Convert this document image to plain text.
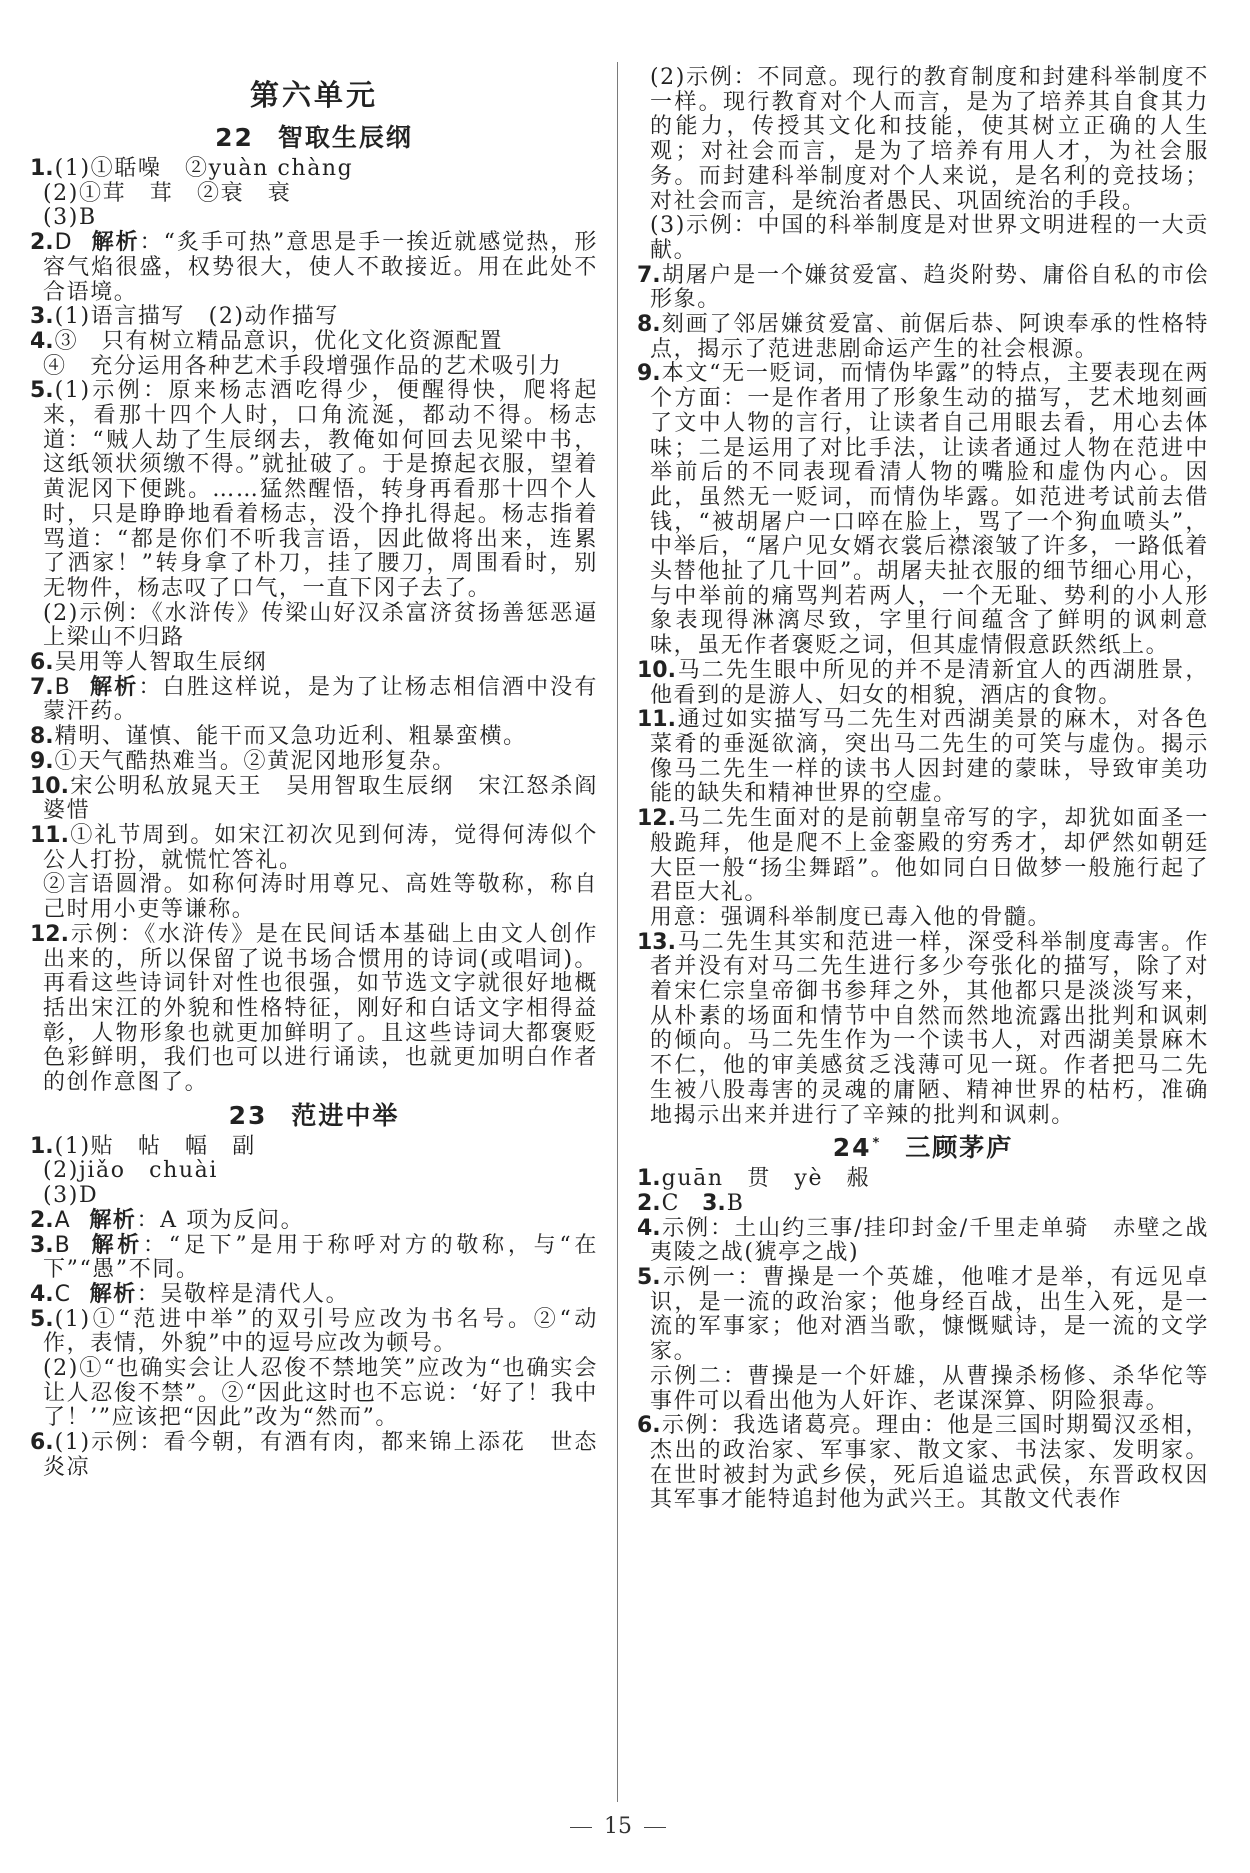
第六单元
22 智取生辰纲
1.(1)①聒噪　②yuàn chàng
(2)①茸　茸　②衰　衰
(3)B
2.D 解析：“炙手可热”意思是手一挨近就感觉热，形容气焰很盛，权势很大，使人不敢接近。用在此处不合语境。
3.(1)语言描写　(2)动作描写
4.③　只有树立精品意识，优化文化资源配置
④　充分运用各种艺术手段增强作品的艺术吸引力
5.(1)示例：原来杨志酒吃得少，便醒得快，爬将起来，看那十四个人时，口角流涎，都动不得。杨志道：“贼人劫了生辰纲去，教俺如何回去见梁中书，这纸领状须缴不得。”就扯破了。于是撩起衣服，望着黄泥冈下便跳。……猛然醒悟，转身再看那十四个人时，只是睁睁地看着杨志，没个挣扎得起。杨志指着骂道：“都是你们不听我言语，因此做将出来，连累了洒家！”转身拿了朴刀，挂了腰刀，周围看时，别无物件，杨志叹了口气，一直下冈子去了。
(2)示例：《水浒传》传梁山好汉杀富济贫扬善惩恶逼上梁山不归路
6.吴用等人智取生辰纲
7.B 解析：白胜这样说，是为了让杨志相信酒中没有蒙汗药。
8.精明、谨慎、能干而又急功近利、粗暴蛮横。
9.①天气酷热难当。②黄泥冈地形复杂。
10.宋公明私放晁天王　吴用智取生辰纲　宋江怒杀阎婆惜
11.①礼节周到。如宋江初次见到何涛，觉得何涛似个公人打扮，就慌忙答礼。
②言语圆滑。如称何涛时用尊兄、高姓等敬称，称自己时用小吏等谦称。
12.示例：《水浒传》是在民间话本基础上由文人创作出来的，所以保留了说书场合惯用的诗词(或唱词)。再看这些诗词针对性也很强，如节选文字就很好地概括出宋江的外貌和性格特征，刚好和白话文字相得益彰，人物形象也就更加鲜明了。且这些诗词大都褒贬色彩鲜明，我们也可以进行诵读，也就更加明白作者的创作意图了。
23 范进中举
1.(1)贴　帖　幅　副
(2)jiǎo　chuài
(3)D
2.A 解析：A 项为反问。
3.B 解析：“足下”是用于称呼对方的敬称，与“在下”“愚”不同。
4.C 解析：吴敬梓是清代人。
5.(1)①“范进中举”的双引号应改为书名号。②“动作，表情，外貌”中的逗号应改为顿号。
(2)①“也确实会让人忍俊不禁地笑”应改为“也确实会让人忍俊不禁”。②“因此这时也不忘说：‘好了！我中了！’”应该把“因此”改为“然而”。
6.(1)示例：看今朝，有酒有肉，都来锦上添花　世态炎凉
(2)示例：不同意。现行的教育制度和封建科举制度不一样。现行教育对个人而言，是为了培养其自食其力的能力，传授其文化和技能，使其树立正确的人生观；对社会而言，是为了培养有用人才，为社会服务。而封建科举制度对个人来说，是名利的竞技场；对社会而言，是统治者愚民、巩固统治的手段。
(3)示例：中国的科举制度是对世界文明进程的一大贡献。
7.胡屠户是一个嫌贫爱富、趋炎附势、庸俗自私的市侩形象。
8.刻画了邻居嫌贫爱富、前倨后恭、阿谀奉承的性格特点，揭示了范进悲剧命运产生的社会根源。
9.本文“无一贬词，而情伪毕露”的特点，主要表现在两个方面：一是作者用了形象生动的描写，艺术地刻画了文中人物的言行，让读者自己用眼去看，用心去体味；二是运用了对比手法，让读者通过人物在范进中举前后的不同表现看清人物的嘴脸和虚伪内心。因此，虽然无一贬词，而情伪毕露。如范进考试前去借钱，“被胡屠户一口啐在脸上，骂了一个狗血喷头”，中举后，“屠户见女婿衣裳后襟滚皱了许多，一路低着头替他扯了几十回”。胡屠夫扯衣服的细节细心用心，与中举前的痛骂判若两人，一个无耻、势利的小人形象表现得淋漓尽致，字里行间蕴含了鲜明的讽刺意味，虽无作者褒贬之词，但其虚情假意跃然纸上。
10.马二先生眼中所见的并不是清新宜人的西湖胜景，他看到的是游人、妇女的相貌，酒店的食物。
11.通过如实描写马二先生对西湖美景的麻木，对各色菜肴的垂涎欲滴，突出马二先生的可笑与虚伪。揭示像马二先生一样的读书人因封建的蒙昧，导致审美功能的缺失和精神世界的空虚。
12.马二先生面对的是前朝皇帝写的字，却犹如面圣一般跪拜，他是爬不上金銮殿的穷秀才，却俨然如朝廷大臣一般“扬尘舞蹈”。他如同白日做梦一般施行起了君臣大礼。
用意：强调科举制度已毒入他的骨髓。
13.马二先生其实和范进一样，深受科举制度毒害。作者并没有对马二先生进行多少夸张化的描写，除了对着宋仁宗皇帝御书参拜之外，其他都只是淡淡写来，从朴素的场面和情节中自然而然地流露出批判和讽刺的倾向。马二先生作为一个读书人，对西湖美景麻木不仁，他的审美感贫乏浅薄可见一斑。作者把马二先生被八股毒害的灵魂的庸陋、精神世界的枯朽，准确地揭示出来并进行了辛辣的批判和讽刺。
24* 三顾茅庐
1.guān　贯　yè　赧
2.C 3.B
4.示例：土山约三事/挂印封金/千里走单骑　赤壁之战　夷陵之战(猇亭之战)
5.示例一：曹操是一个英雄，他唯才是举，有远见卓识，是一流的政治家；他身经百战，出生入死，是一流的军事家；他对酒当歌，慷慨赋诗，是一流的文学家。
示例二：曹操是一个奸雄，从曹操杀杨修、杀华佗等事件可以看出他为人奸诈、老谋深算、阴险狠毒。
6.示例：我选诸葛亮。理由：他是三国时期蜀汉丞相，杰出的政治家、军事家、散文家、书法家、发明家。在世时被封为武乡侯，死后追谥忠武侯，东晋政权因其军事才能特追封他为武兴王。其散文代表作
15
